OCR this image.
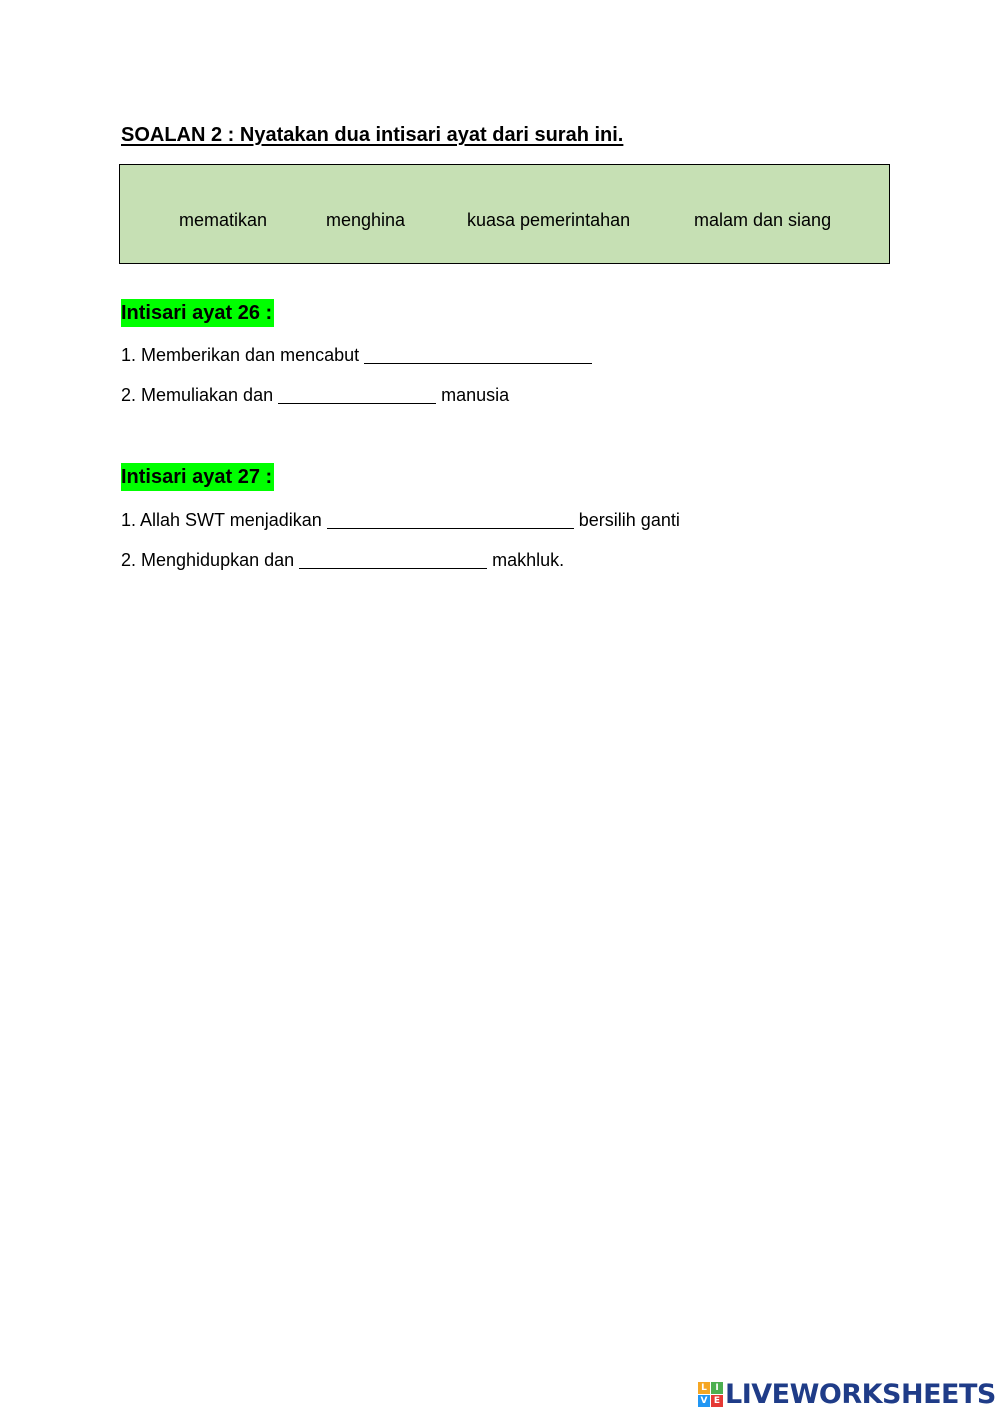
SOALAN 2 : Nyatakan dua intisari ayat dari surah ini.
mematikan	menghina	kuasa pemerintahan	malam dan siang
Intisari ayat 26 :
1. Memberikan dan mencabut
2. Memuliakan dan	manusia
Intisari ayat 27 :
1. Allah SWT menjadikan	bersilih ganti
2. Menghidupkan dan	makhluk.
L I
V E LIVEWORKSHEETS
